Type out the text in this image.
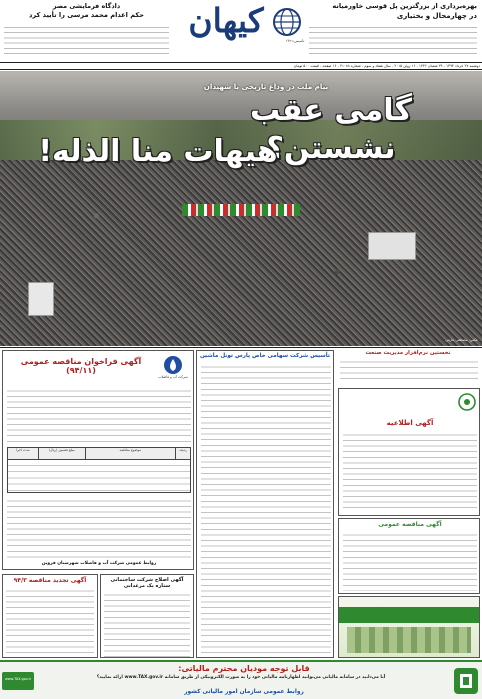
بهره‌برداری از بزرگترین پل قوسی خاورمیانه
در چهارمحال و بختیاری
کیهان
تأسیس:۱۳۲۱
دادگاه فرمایشی مصر
حکم اعدام محمد مرسی را تأیید کرد
دوشنبه ۲۷ خرداد ۱۳۹۴ - ۲۹ شعبان ۱۴۳۶ - ۱۶ ژوئن ۲۰۱۵ - سال هفتاد و سوم - شماره ۲۱۰۸۸ - ۱۶ صفحه - قیمت ۵۰۰ تومان
بیام ملت در وداع تاریخی با شهیدان
گامی عقب نشستن؟
هیهات منا الذله!
عکس: مصطفی عارفی
شرکت آب و فاضلاب
آگهی فراخوان مناقصه عمومی (۹۴/۱۱)
ردیف
موضوع مناقصه
مبلغ تضمین (ریال)
مدت اجرا
روابط عمومی شرکت آب و فاضلاب شهرستان قزوین
آگهی تجدید مناقصه ۹۴/۳	آگهی اصلاح شرکت ساختمانی ستاره یک مرغدانی
تأسیس شرکت سهامی خاص پارس تونل ماشین	نخستین نرم‌افزار مدیریت صنعت
آگهی اطلاعیه
آگهی مناقصه عمومی
قابل توجه مودیان محترم مالیاتی:
آیا می‌دانید در سامانه مالیاتی می‌توانید اظهارنامه مالیاتی خود را به صورت الکترونیکی از طریق سامانه www.TAX.gov.ir ارائه نمایید؟
روابط عمومی سازمان امور مالیاتی کشور
www.TAX.gov.ir
